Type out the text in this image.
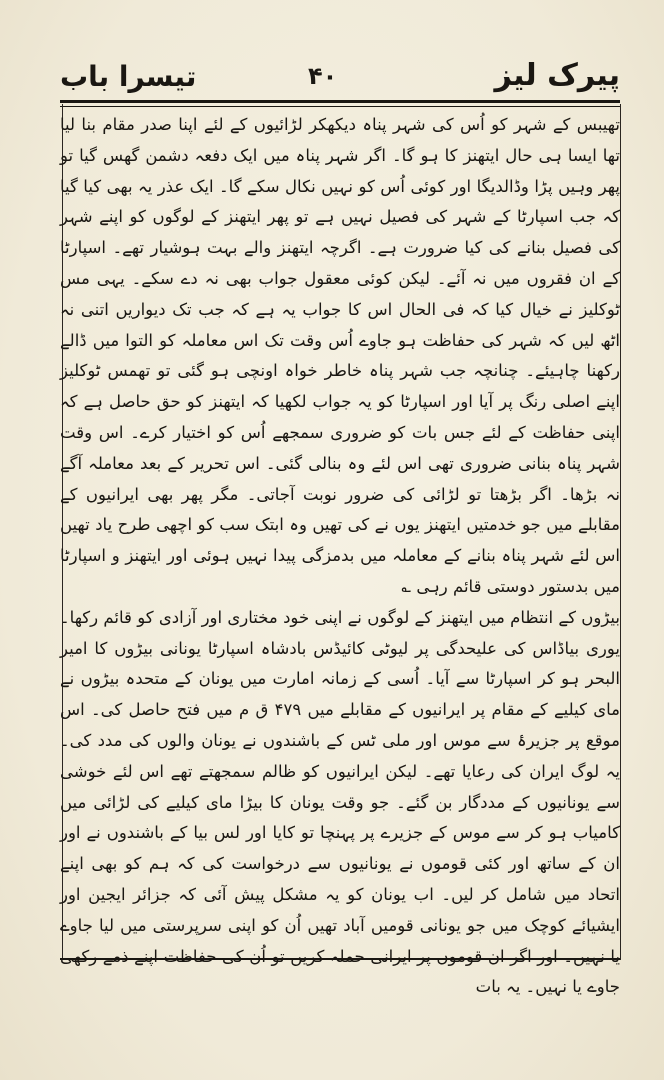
پیرک لیز
۴۰
تیسرا باب

تھیبس کے شہر کو اُس کی شہر پناہ دیکھکر لڑائیوں کے لئے اپنا صدر مقام بنا لیا تھا ایسا ہی حال ایتھنز کا ہو گا۔ اگر شہر پناہ میں ایک دفعہ دشمن گھس گیا تو پھر وہیں پڑا وڈالدیگا اور کوئی اُس کو نہیں نکال سکے گا۔ ایک عذر یہ بھی کیا گیا کہ جب اسپارٹا کے شہر کی فصیل نہیں ہے تو پھر ایتھنز کے لوگوں کو اپنے شہر کی فصیل بنانے کی کیا ضرورت ہے۔ اگرچہ ایتھنز والے بہت ہوشیار تھے۔ اسپارٹا کے ان فقروں میں نہ آئے۔ لیکن کوئی معقول جواب بھی نہ دے سکے۔ یہی مس ٹوکلیز نے خیال کیا کہ فی الحال اس کا جواب یہ ہے کہ جب تک دیواریں اتنی نہ اٹھ لیں کہ شہر کی حفاظت ہو جاوے اُس وقت تک اس معاملہ کو التوا میں ڈالے رکھنا چاہیئے۔ چنانچہ جب شہر پناہ خاطر خواہ اونچی ہو گئی تو تھمس ٹوکلیز اپنے اصلی رنگ پر آیا اور اسپارٹا کو یہ جواب لکھیا کہ ایتھنز کو حق حاصل ہے کہ اپنی حفاظت کے لئے جس بات کو ضروری سمجھے اُس کو اختیار کرے۔ اس وقت شہر پناہ بنانی ضروری تھی اس لئے وہ بنالی گئی۔ اس تحریر کے بعد معاملہ آگے نہ بڑھا۔ اگر بڑھتا تو لڑائی کی ضرور نوبت آجاتی۔ مگر پھر بھی ایرانیوں کے مقابلے میں جو خدمتیں ایتھنز یوں نے کی تھیں وہ ابتک سب کو اچھی طرح یاد تھیں اس لئے شہر پناہ بنانے کے معاملہ میں بدمزگی پیدا نہیں ہوئی اور ایتھنز و اسپارٹا میں بدستور دوستی قائم رہی ؎

بیڑوں کے انتظام میں ایتھنز کے لوگوں نے اپنی خود مختاری اور آزادی کو قائم رکھا۔ یوری بیاڈاس کی علیحدگی پر لیوٹی کائیڈس بادشاہ اسپارٹا یونانی بیڑوں کا امیر البحر ہو کر اسپارٹا سے آیا۔ اُسی کے زمانہ امارت میں یونان کے متحدہ بیڑوں نے مای کیلیے کے مقام پر ایرانیوں کے مقابلے میں ۴۷۹ ق م میں فتح حاصل کی۔ اس موقع پر جزیرۂ سے موس اور ملی ٹس کے باشندوں نے یونان والوں کی مدد کی۔ یہ لوگ ایران کی رعایا تھے۔ لیکن ایرانیوں کو ظالم سمجھتے تھے اس لئے خوشی سے یونانیوں کے مددگار بن گئے۔ جو وقت یونان کا بیڑا مای کیلیے کی لڑائی میں کامیاب ہو کر سے موس کے جزیرے پر پہنچا تو کایا اور لس بیا کے باشندوں نے اور ان کے ساتھ اور کئی قوموں نے یونانیوں سے درخواست کی کہ ہم کو بھی اپنے اتحاد میں شامل کر لیں۔ اب یونان کو یہ مشکل پیش آئی کہ جزائر ایجین اور ایشیائے کوچک میں جو یونانی قومیں آباد تھیں اُن کو اپنی سرپرستی میں لیا جاوے یا نہیں۔ اور اگر ان قوموں پر ایرانی حملہ کریں تو اُن کی حفاظت اپنے ذمے رکھی جاوے یا نہیں۔ یہ بات
